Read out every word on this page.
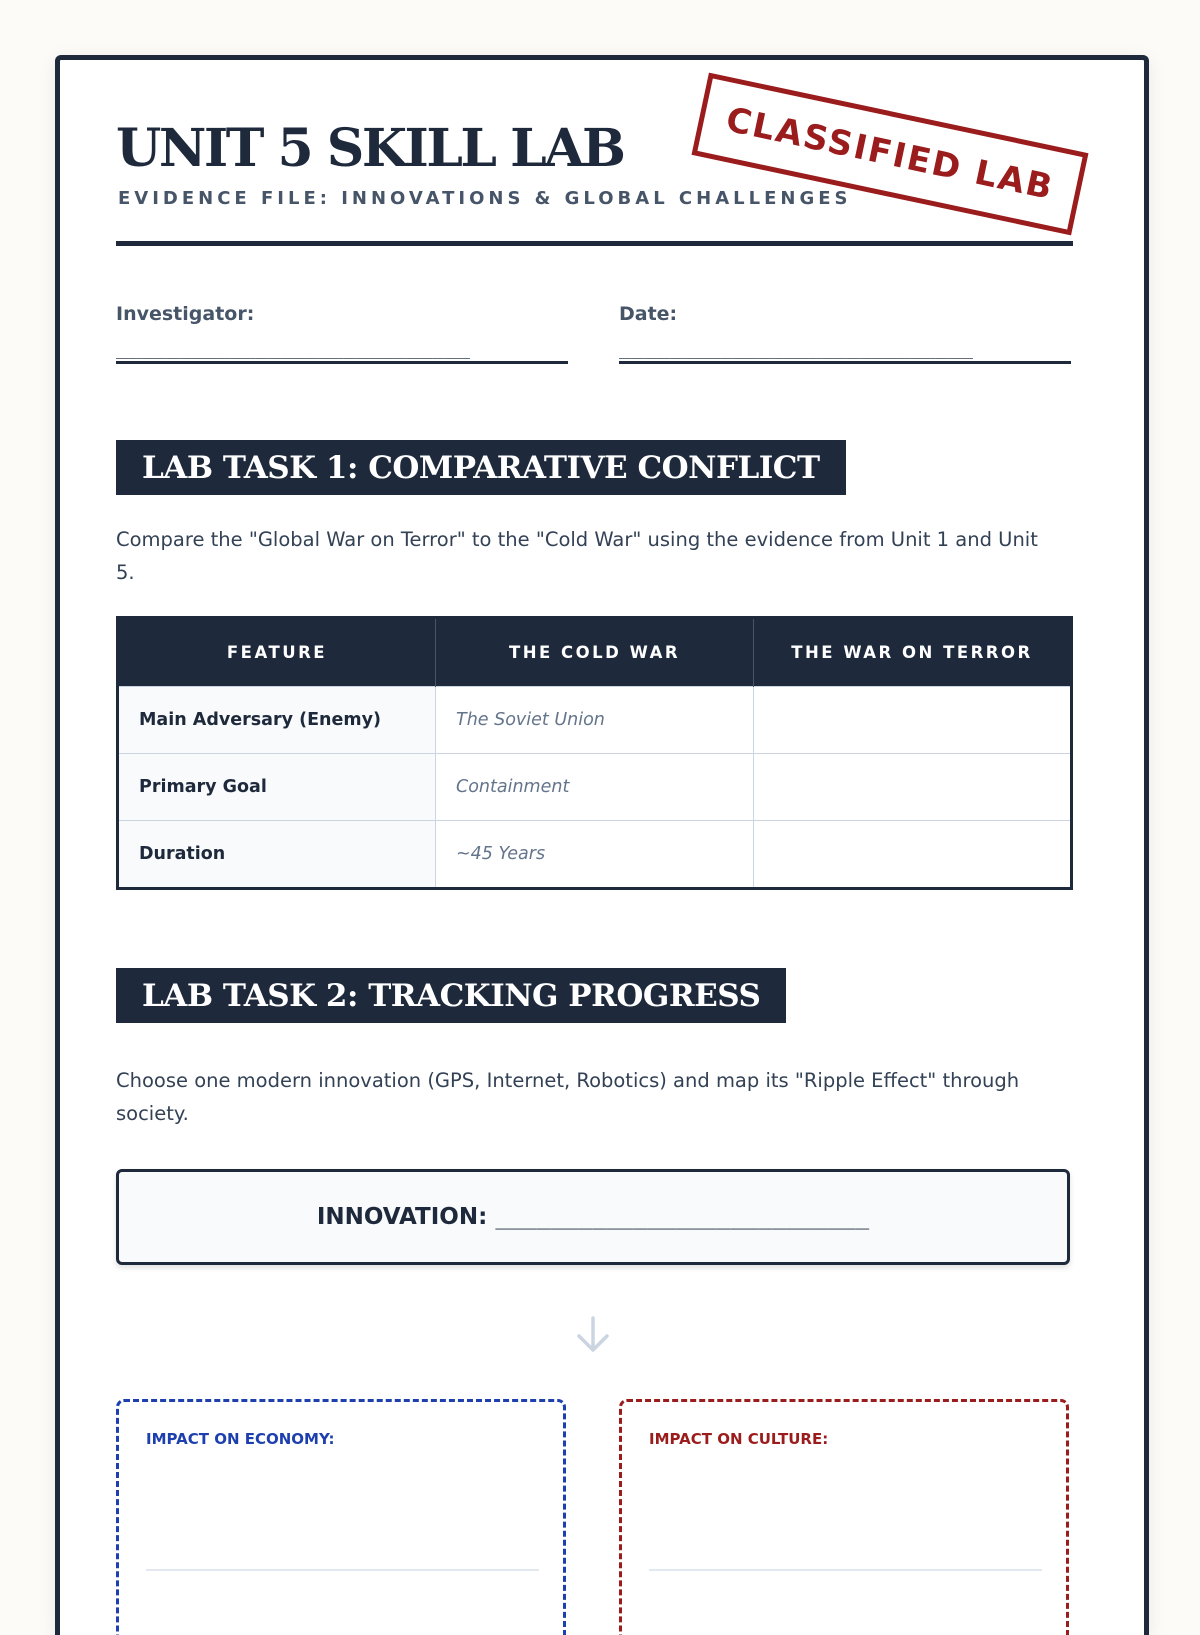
UNIT 5 SKILL LAB
EVIDENCE FILE: INNOVATIONS & GLOBAL CHALLENGES
CLASSIFIED LAB
Investigator:
____________________________
Date:
____________________________
LAB TASK 1: COMPARATIVE CONFLICT
Compare the "Global War on Terror" to the "Cold War" using the evidence from Unit 1 and Unit 5.
FEATURE	THE COLD WAR	THE WAR ON TERROR
Main Adversary (Enemy)	The Soviet Union	
Primary Goal	Containment	
Duration	~45 Years	
LAB TASK 2: TRACKING PROGRESS
Choose one modern innovation (GPS, Internet, Robotics) and map its "Ripple Effect" through society.
INNOVATION: ___________________________
IMPACT ON ECONOMY:	IMPACT ON CULTURE:
